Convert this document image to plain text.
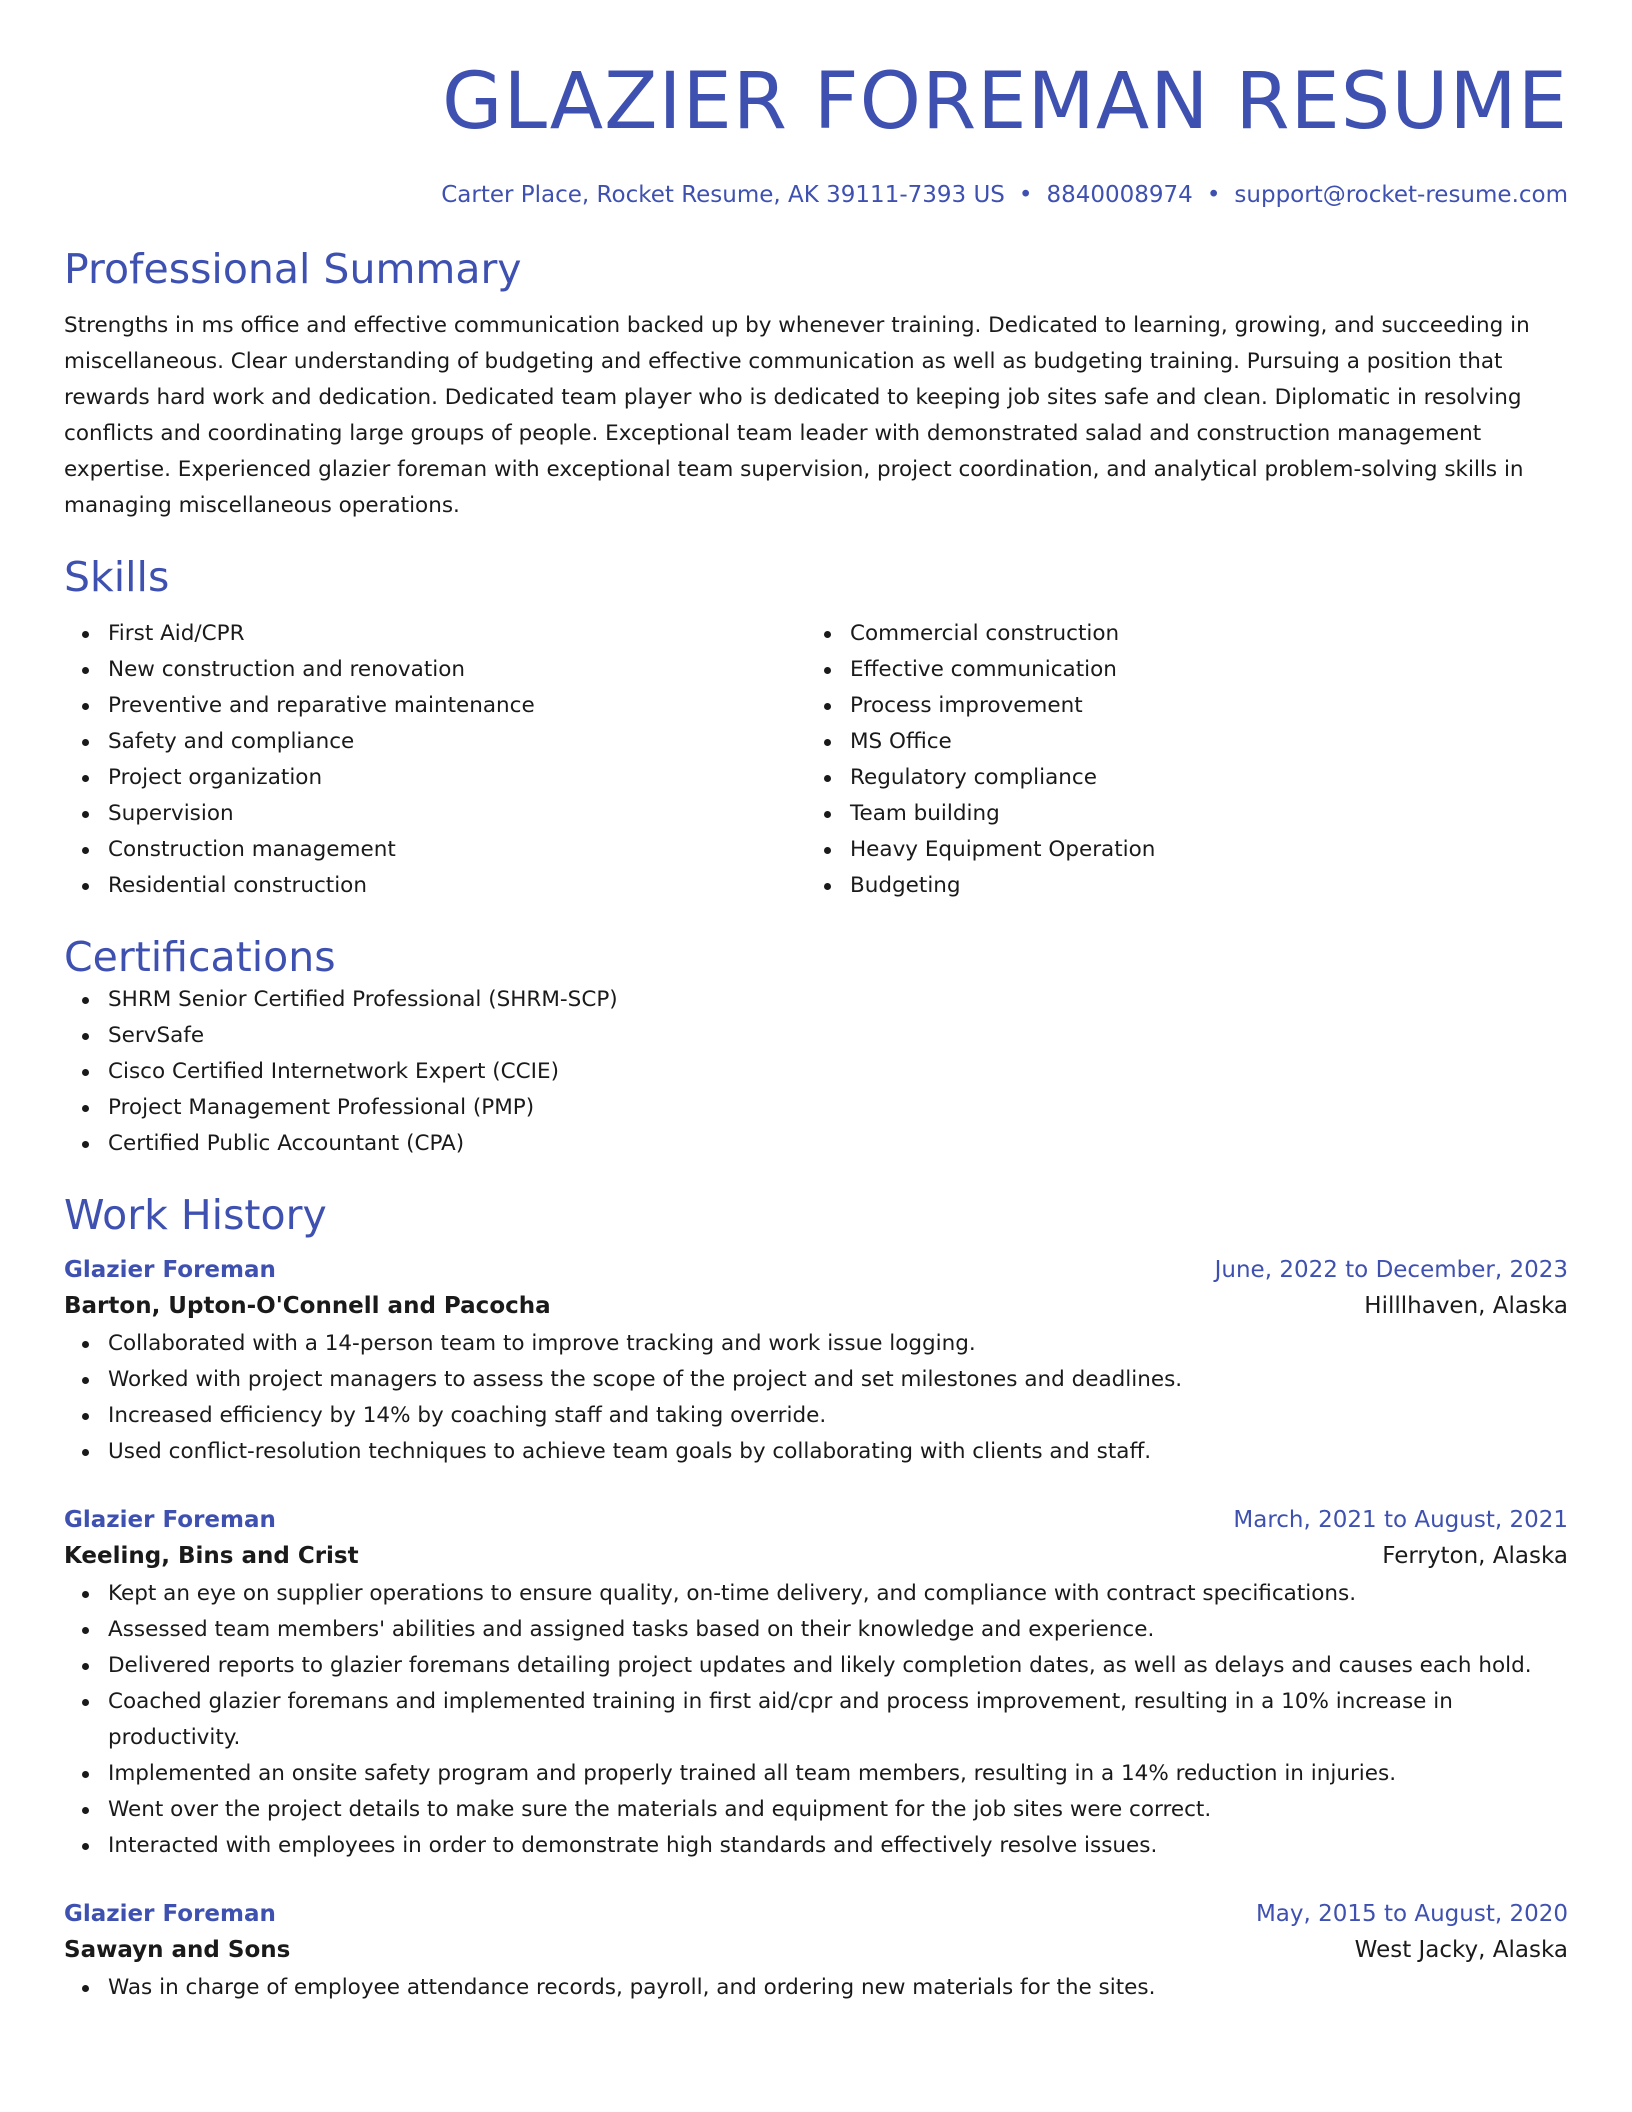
GLAZIER FOREMAN RESUME
Carter Place, Rocket Resume, AK 39111-7393 US • 8840008974 • support@rocket-resume.com
Professional Summary
Strengths in ms office and effective communication backed up by whenever training. Dedicated to learning, growing, and succeeding in miscellaneous. Clear understanding of budgeting and effective communication as well as budgeting training. Pursuing a position that rewards hard work and dedication. Dedicated team player who is dedicated to keeping job sites safe and clean. Diplomatic in resolving conflicts and coordinating large groups of people. Exceptional team leader with demonstrated salad and construction management expertise. Experienced glazier foreman with exceptional team supervision, project coordination, and analytical problem-solving skills in managing miscellaneous operations.
Skills
First Aid/CPR
New construction and renovation
Preventive and reparative maintenance
Safety and compliance
Project organization
Supervision
Construction management
Residential construction
Commercial construction
Effective communication
Process improvement
MS Office
Regulatory compliance
Team building
Heavy Equipment Operation
Budgeting
Certifications
SHRM Senior Certified Professional (SHRM-SCP)
ServSafe
Cisco Certified Internetwork Expert (CCIE)
Project Management Professional (PMP)
Certified Public Accountant (CPA)
Work History
Glazier Foreman	June, 2022 to December, 2023
Barton, Upton-O'Connell and Pacocha	Hilllhaven, Alaska
Collaborated with a 14-person team to improve tracking and work issue logging.
Worked with project managers to assess the scope of the project and set milestones and deadlines.
Increased efficiency by 14% by coaching staff and taking override.
Used conflict-resolution techniques to achieve team goals by collaborating with clients and staff.
Glazier Foreman	March, 2021 to August, 2021
Keeling, Bins and Crist	Ferryton, Alaska
Kept an eye on supplier operations to ensure quality, on-time delivery, and compliance with contract specifications.
Assessed team members' abilities and assigned tasks based on their knowledge and experience.
Delivered reports to glazier foremans detailing project updates and likely completion dates, as well as delays and causes each hold.
Coached glazier foremans and implemented training in first aid/cpr and process improvement, resulting in a 10% increase in productivity.
Implemented an onsite safety program and properly trained all team members, resulting in a 14% reduction in injuries.
Went over the project details to make sure the materials and equipment for the job sites were correct.
Interacted with employees in order to demonstrate high standards and effectively resolve issues.
Glazier Foreman	May, 2015 to August, 2020
Sawayn and Sons	West Jacky, Alaska
Was in charge of employee attendance records, payroll, and ordering new materials for the sites.
